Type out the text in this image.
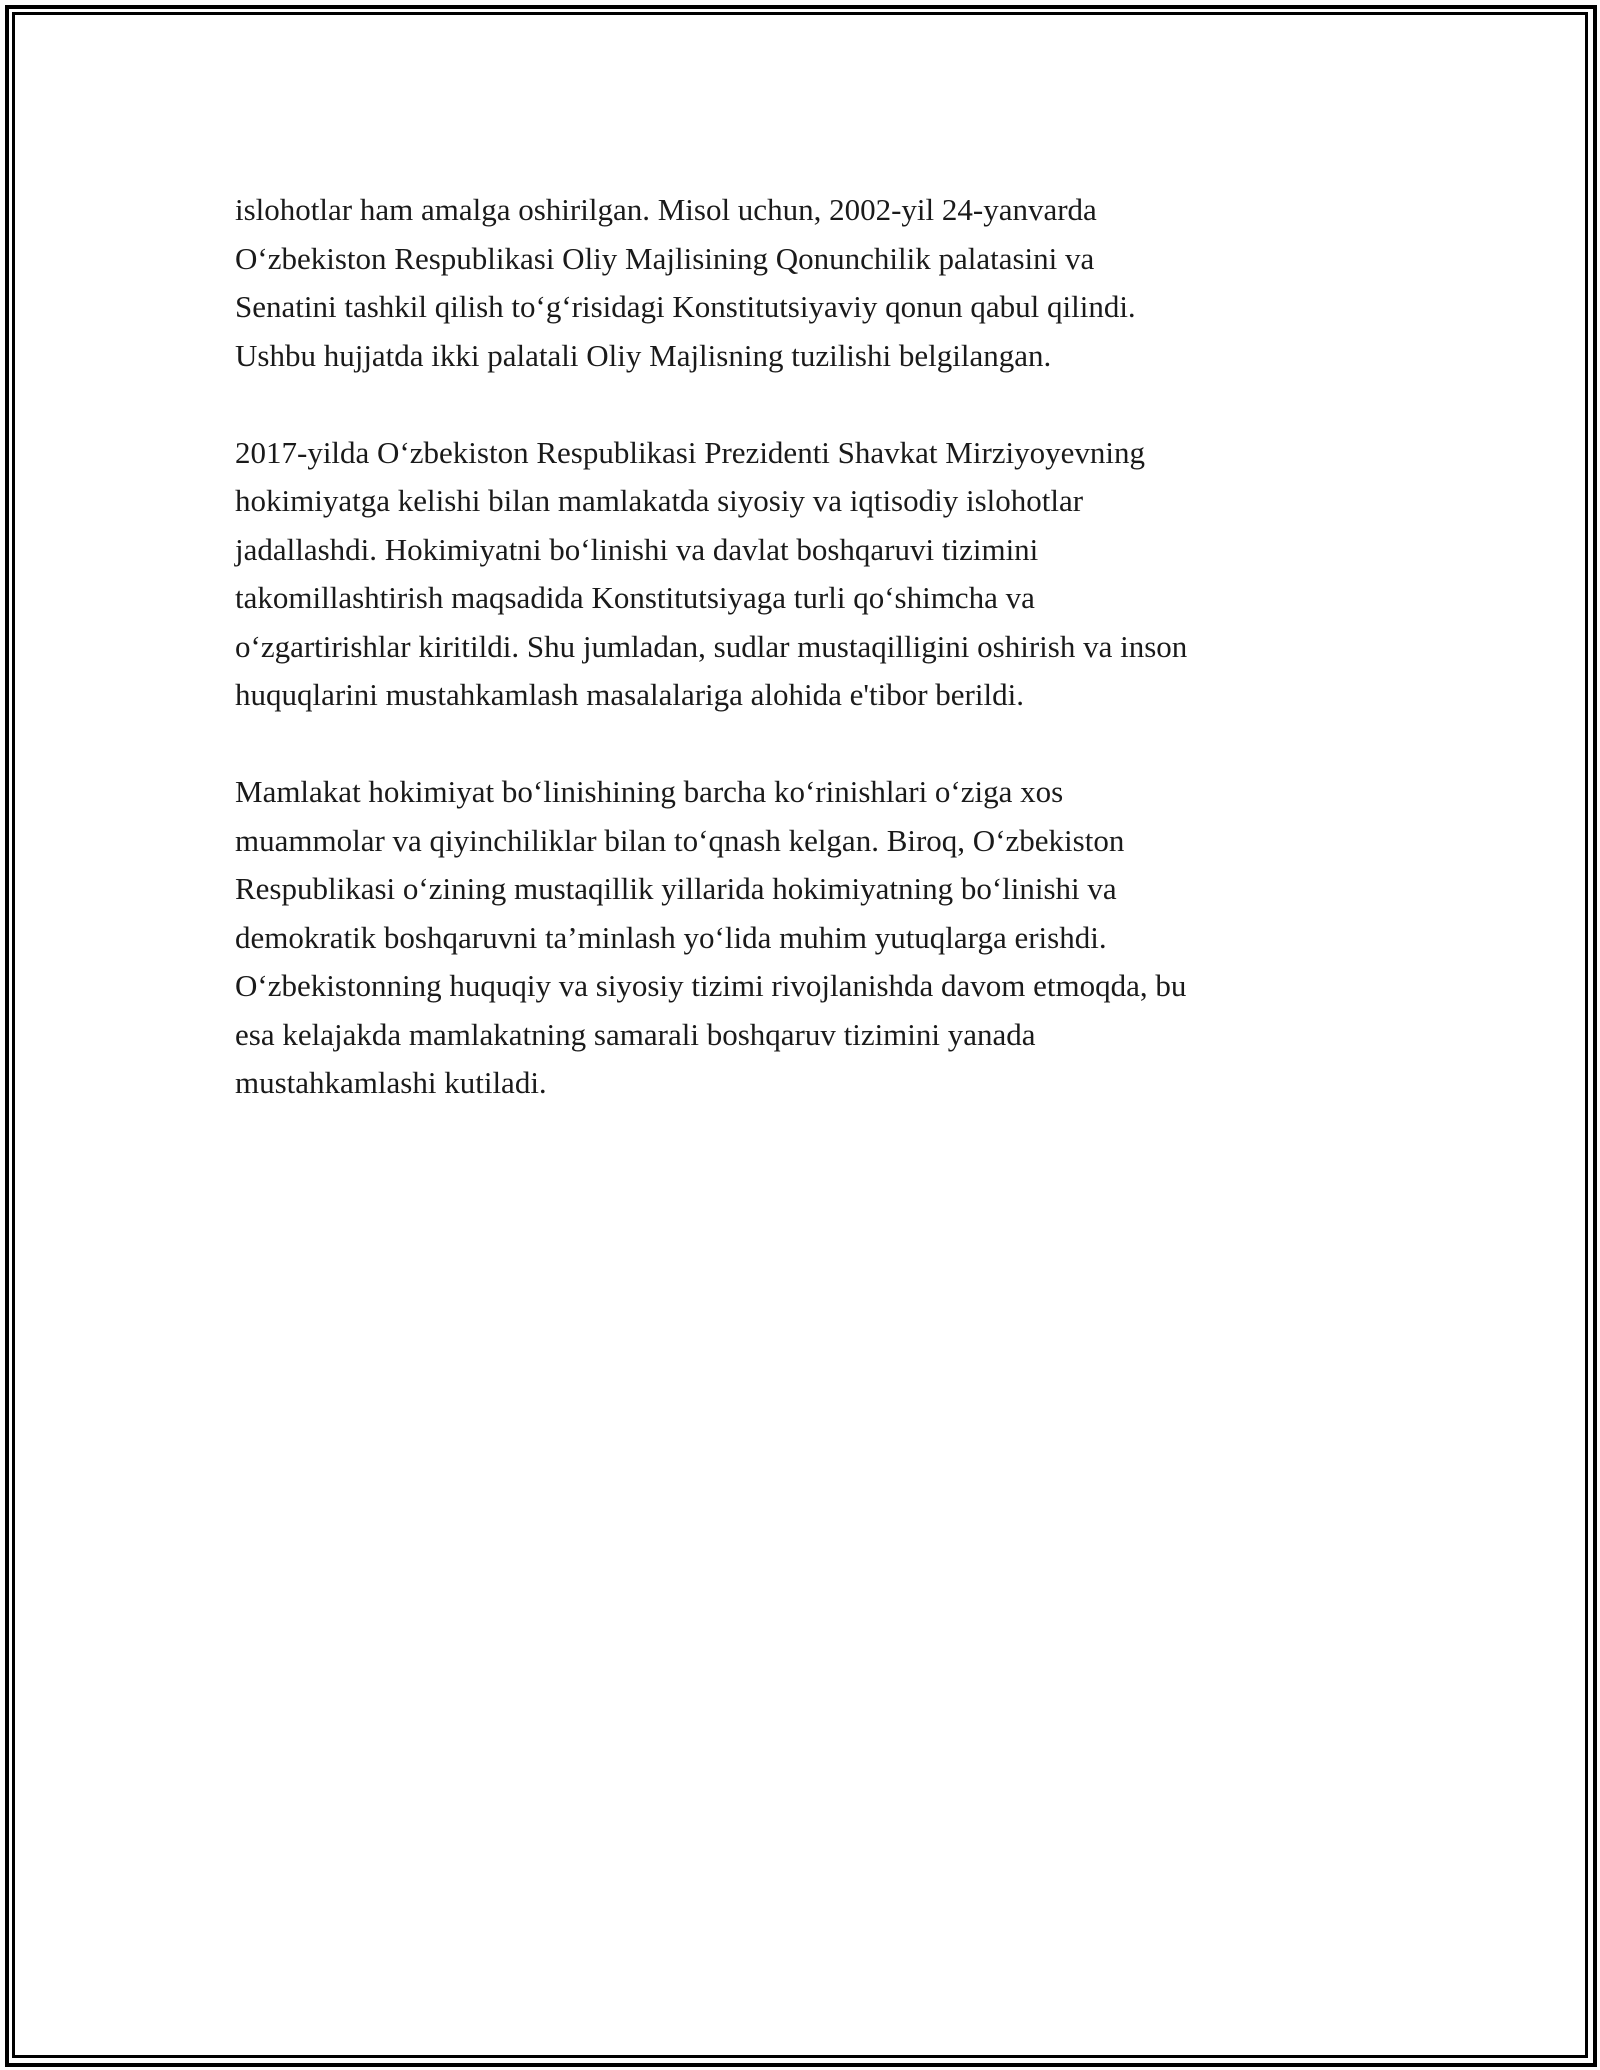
islohotlar ham amalga oshirilgan. Misol uchun, 2002-yil 24-yanvarda
O‘zbekiston Respublikasi Oliy Majlisining Qonunchilik palatasini va
Senatini tashkil qilish to‘g‘risidagi Konstitutsiyaviy qonun qabul qilindi.
Ushbu hujjatda ikki palatali Oliy Majlisning tuzilishi belgilangan.

2017-yilda O‘zbekiston Respublikasi Prezidenti Shavkat Mirziyoyevning
hokimiyatga kelishi bilan mamlakatda siyosiy va iqtisodiy islohotlar
jadallashdi. Hokimiyatni bo‘linishi va davlat boshqaruvi tizimini
takomillashtirish maqsadida Konstitutsiyaga turli qo‘shimcha va
o‘zgartirishlar kiritildi. Shu jumladan, sudlar mustaqilligini oshirish va inson
huquqlarini mustahkamlash masalalariga alohida e'tibor berildi.

Mamlakat hokimiyat bo‘linishining barcha ko‘rinishlari o‘ziga xos
muammolar va qiyinchiliklar bilan to‘qnash kelgan. Biroq, O‘zbekiston
Respublikasi o‘zining mustaqillik yillarida hokimiyatning bo‘linishi va
demokratik boshqaruvni ta’minlash yo‘lida muhim yutuqlarga erishdi.
O‘zbekistonning huquqiy va siyosiy tizimi rivojlanishda davom etmoqda, bu
esa kelajakda mamlakatning samarali boshqaruv tizimini yanada
mustahkamlashi kutiladi.
